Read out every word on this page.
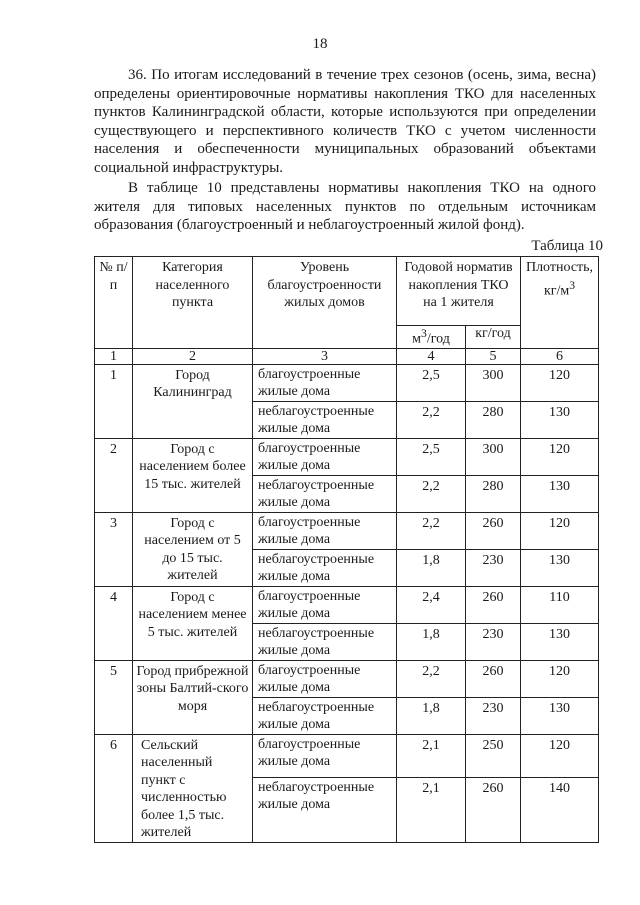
18

36. По итогам исследований в течение трех сезонов (осень, зима, весна) определены ориентировочные нормативы накопления ТКО для населенных пунктов Калининградской области, которые используются при определении существующего и перспективного количеств ТКО с учетом численности населения и обеспеченности муниципальных образований объектами социальной инфраструктуры.

В таблице 10 представлены нормативы накопления ТКО на одного жителя для типовых населенных пунктов по отдельным источникам образования (благоустроенный и неблагоустроенный жилой фонд).

Таблица 10
№ п/п	Категория населенного пункта	Уровень благоустроенности жилых домов	Годовой норматив накопления ТКО на 1 жителя		Плотность, $кг/м^3$
			$м^3$/год	кг/год	
1	2	3	4	5	6
1	Город Калининград	благоустроенные жилые дома	2,5	300	120
		неблагоустроенные жилые дома	2,2	280	130
2	Город с населением более 15 тыс. жителей	благоустроенные жилые дома	2,5	300	120
		неблагоустроенные жилые дома	2,2	280	130
3	Город с населением от 5 до 15 тыс. жителей	благоустроенные жилые дома	2,2	260	120
		неблагоустроенные жилые дома	1,8	230	130
4	Город с населением менее 5 тыс. жителей	благоустроенные жилые дома	2,4	260	110
		неблагоустроенные жилые дома	1,8	230	130
5	Город прибрежной зоны Балтий-ского моря	благоустроенные жилые дома	2,2	260	120
		неблагоустроенные жилые дома	1,8	230	130
6	Сельский населенный пункт с численностью более 1,5 тыс. жителей	благоустроенные жилые дома	2,1	250	120
		неблагоустроенные жилые дома	2,1	260	140
